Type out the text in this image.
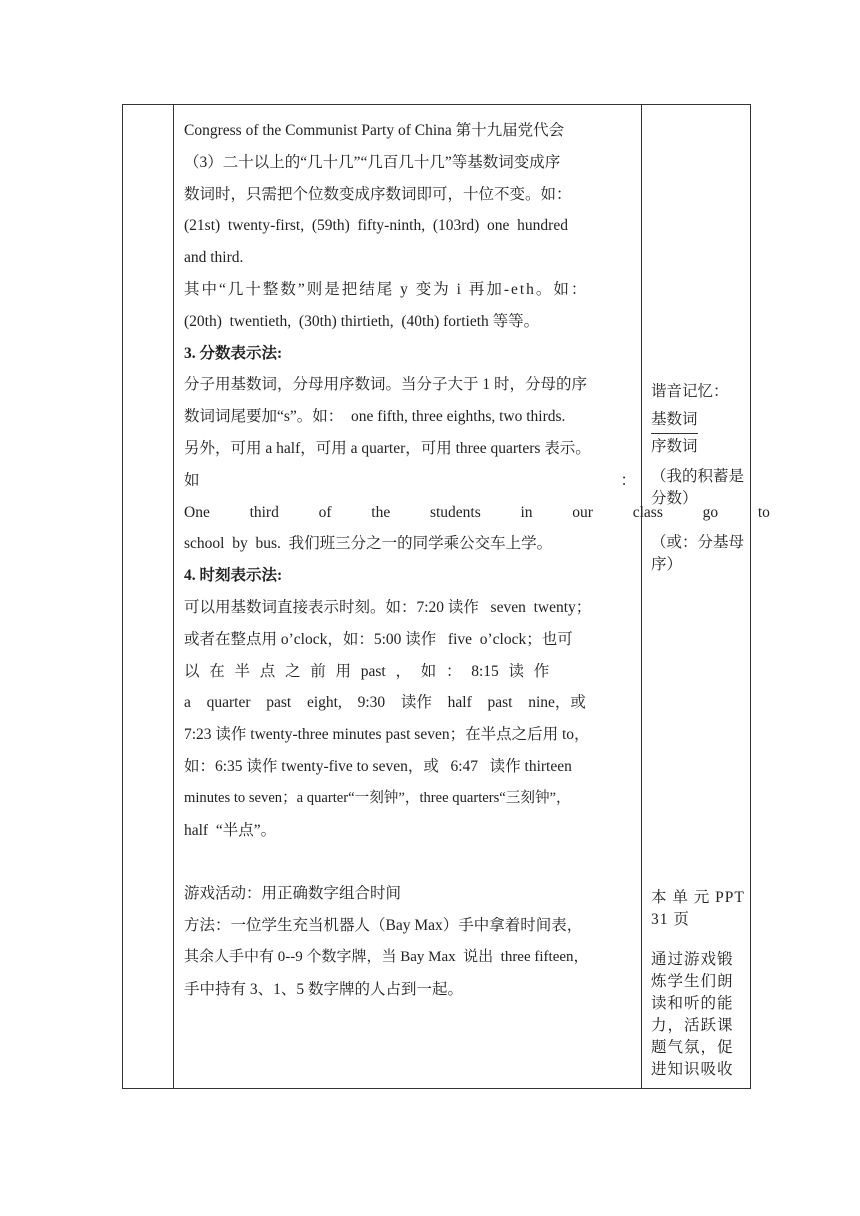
Congress of the Communist Party of China 第十九届党代会
（3）二十以上的“几十几”“几百几十几”等基数词变成序
数词时，只需把个位数变成序数词即可，十位不变。如：
(21st)  twenty-first,  (59th)  fifty-ninth,  (103rd)  one  hundred
and third.
其中“几十整数”则是把结尾 y 变为 i 再加-eth。如：
(20th)  twentieth,  (30th) thirtieth,  (40th) fortieth 等等。
3. 分数表示法:
分子用基数词，分母用序数词。当分子大于 1 时，分母的序
数词词尾要加“s”。如：  one fifth, three eighths, two thirds.
另外，可用 a half，可用 a quarter，可用 three quarters 表示。
如	：
One  third  of  the  students  in  our  class  go  to
school  by  bus.  我们班三分之一的同学乘公交车上学。
4. 时刻表示法:
可以用基数词直接表示时刻。如：7:20 读作   seven  twenty；
或者在整点用 o’clock，如：5:00 读作   five  o’clock；也可
以  在  半  点  之  前  用  past  ，  如  ：  8:15  读  作
a  quarter  past  eight,  9:30  读作  half  past  nine，或
7:23 读作 twenty-three minutes past seven；在半点之后用 to，
如：6:35 读作 twenty-five to seven，或   6:47   读作 thirteen
minutes to seven；a quarter“一刻钟”，three quarters“三刻钟”，
half  “半点”。
游戏活动：用正确数字组合时间
方法：一位学生充当机器人（Bay Max）手中拿着时间表，
其余人手中有 0--9 个数字牌，当 Bay Max  说出  three fifteen，
手中持有 3、1、5 数字牌的人占到一起。
谐音记忆：
基数词
序数词
（我的积蓄是分数）
（或：分基母序）
本 单 元 PPT 31 页
通过游戏锻炼学生们朗读和听的能力，活跃课题气氛，促进知识吸收
